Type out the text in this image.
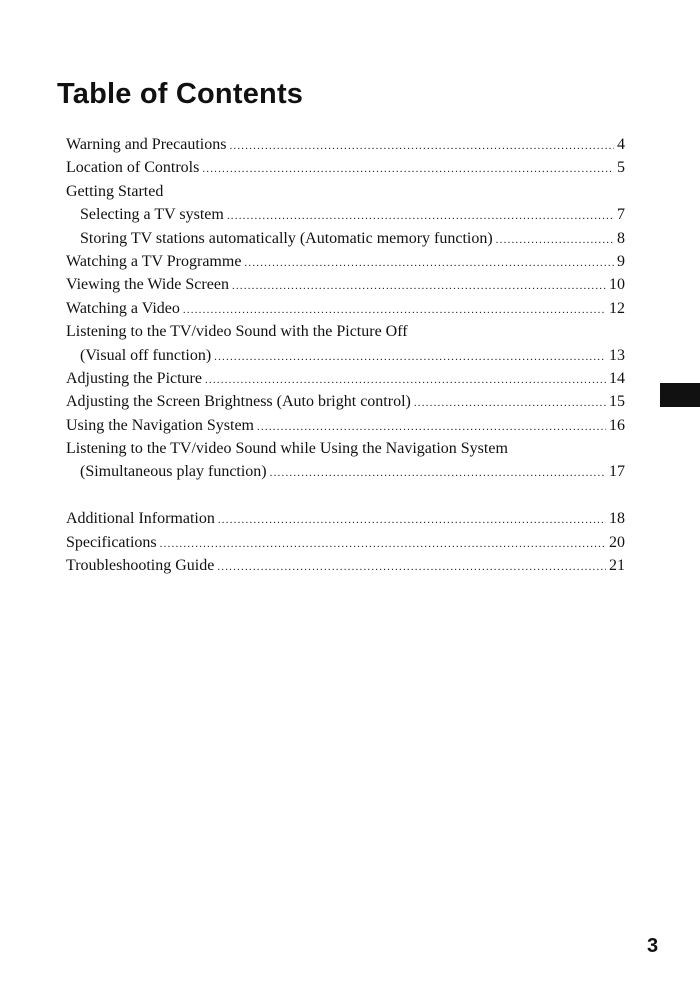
Table of Contents
Warning and Precautions .....	4
Location of Controls .....	5
Getting Started
Selecting a TV system .....	7
Storing TV stations automatically (Automatic memory function) .....	8
Watching a TV Programme .....	9
Viewing the Wide Screen .....	10
Watching a Video .....	12
Listening to the TV/video Sound with the Picture Off
(Visual off function) .....	13
Adjusting the Picture .....	14
Adjusting the Screen Brightness (Auto bright control) .....	15
Using the Navigation System .....	16
Listening to the TV/video Sound while Using the Navigation System
(Simultaneous play function) .....	17
Additional Information .....	18
Specifications .....	20
Troubleshooting Guide .....	21
3
